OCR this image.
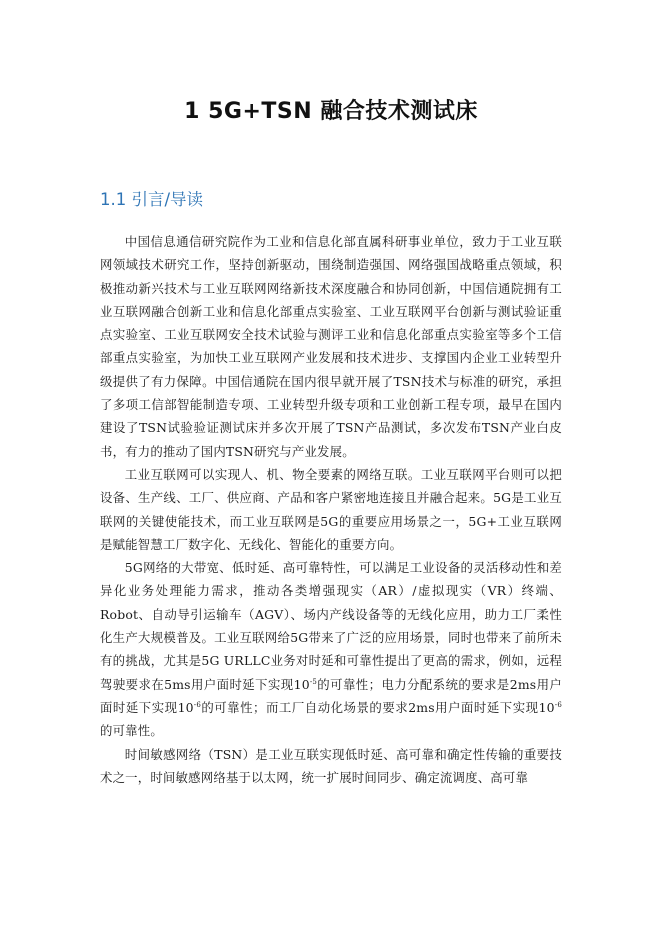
1 5G+TSN 融合技术测试床
1.1 引言/导读

中国信息通信研究院作为工业和信息化部直属科研事业单位，致力于工业互联网领域技术研究工作，坚持创新驱动，围绕制造强国、网络强国战略重点领域，积极推动新兴技术与工业互联网网络新技术深度融合和协同创新，中国信通院拥有工业互联网融合创新工业和信息化部重点实验室、工业互联网平台创新与测试验证重点实验室、工业互联网安全技术试验与测评工业和信息化部重点实验室等多个工信部重点实验室，为加快工业互联网产业发展和技术进步、支撑国内企业工业转型升级提供了有力保障。中国信通院在国内很早就开展了TSN技术与标准的研究，承担了多项工信部智能制造专项、工业转型升级专项和工业创新工程专项，最早在国内建设了TSN试验验证测试床并多次开展了TSN产品测试，多次发布TSN产业白皮书，有力的推动了国内TSN研究与产业发展。

工业互联网可以实现人、机、物全要素的网络互联。工业互联网平台则可以把设备、生产线、工厂、供应商、产品和客户紧密地连接且并融合起来。5G是工业互联网的关键使能技术，而工业互联网是5G的重要应用场景之一，5G+工业互联网是赋能智慧工厂数字化、无线化、智能化的重要方向。

5G网络的大带宽、低时延、高可靠特性，可以满足工业设备的灵活移动性和差异化业务处理能力需求，推动各类增强现实（AR）/虚拟现实（VR）终端、Robot、自动导引运输车（AGV）、场内产线设备等的无线化应用，助力工厂柔性化生产大规模普及。工业互联网给5G带来了广泛的应用场景，同时也带来了前所未有的挑战，尤其是5G URLLC业务对时延和可靠性提出了更高的需求，例如，远程驾驶要求在5ms用户面时延下实现$10^{-5}$的可靠性；电力分配系统的要求是2ms用户面时延下实现$10^{-6}$的可靠性；而工厂自动化场景的要求2ms用户面时延下实现$10^{-6}$的可靠性。

时间敏感网络（TSN）是工业互联实现低时延、高可靠和确定性传输的重要技术之一，时间敏感网络基于以太网，统一扩展时间同步、确定流调度、高可靠
